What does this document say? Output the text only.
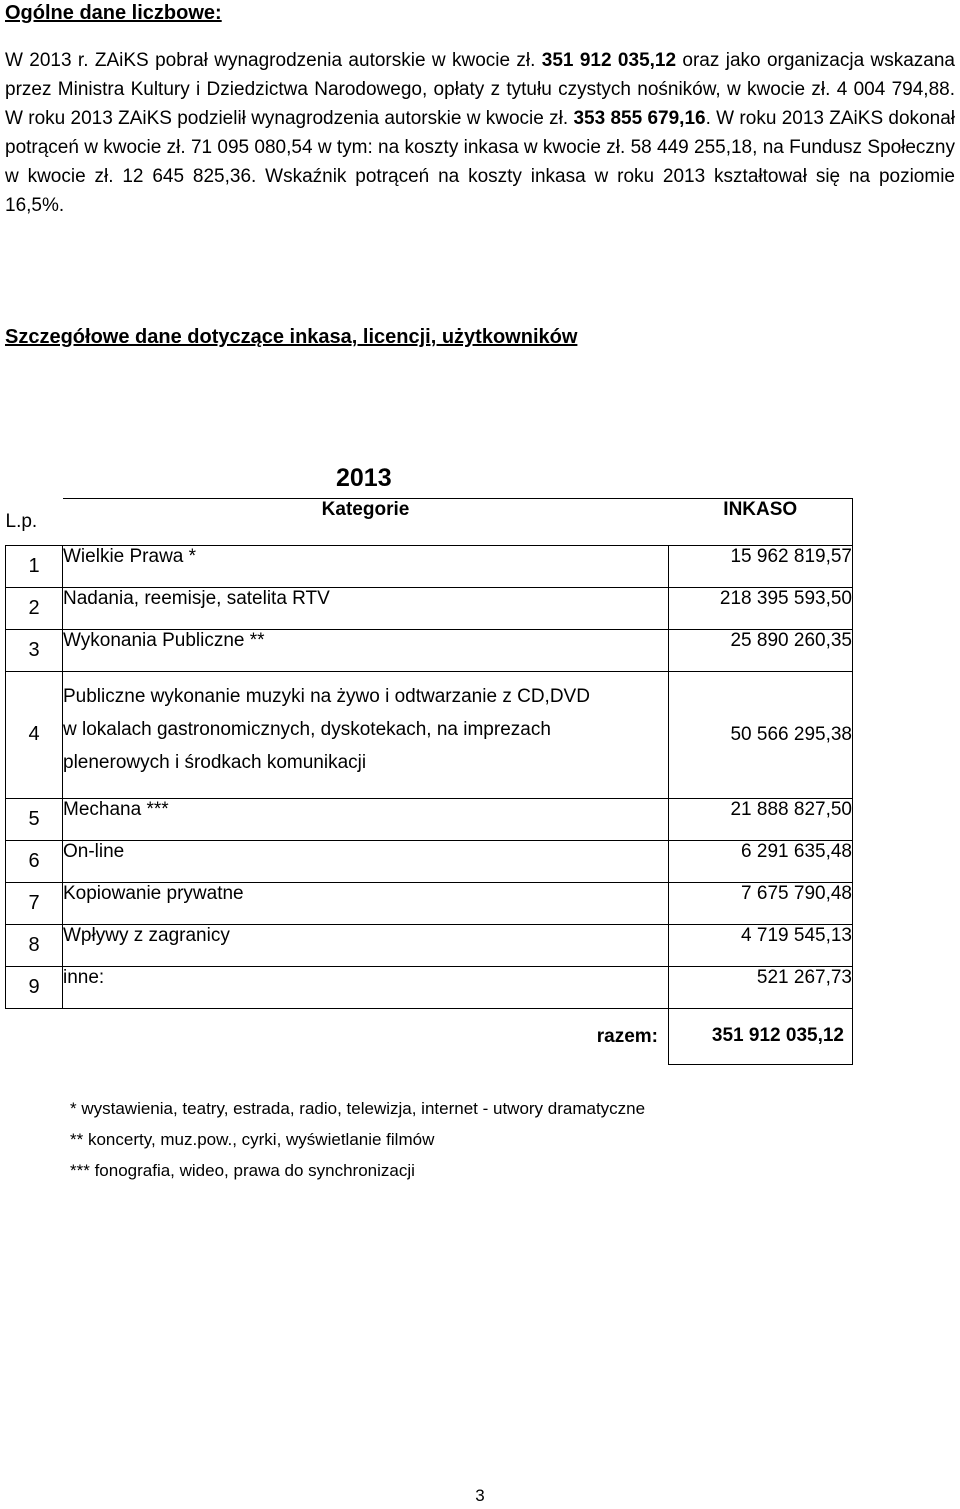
Ogólne dane liczbowe:

W 2013 r. ZAiKS pobrał wynagrodzenia autorskie w kwocie zł. 351 912 035,12 oraz jako organizacja wskazana przez Ministra Kultury i Dziedzictwa Narodowego, opłaty z tytułu czystych nośników, w kwocie zł. 4 004 794,88. W roku 2013 ZAiKS podzielił wynagrodzenia autorskie w kwocie zł. 353 855 679,16. W roku 2013 ZAiKS dokonał potrąceń w kwocie zł. 71 095 080,54 w tym: na koszty inkasa w kwocie zł. 58 449 255,18, na Fundusz Społeczny w kwocie zł. 12 645 825,36. Wskaźnik potrąceń na koszty inkasa w roku 2013 kształtował się na poziomie 16,5%.

Szczegółowe dane dotyczące inkasa, licencji, użytkowników
2013
L.p.	Kategorie	INKASO
1	Wielkie Prawa *	15 962 819,57
2	Nadania, reemisje, satelita RTV	218 395 593,50
3	Wykonania Publiczne **	25 890 260,35
4	Publiczne wykonanie muzyki na żywo i odtwarzanie z CD,DVD
w lokalach gastronomicznych, dyskotekach, na imprezach
plenerowych i środkach komunikacji	50 566 295,38
5	Mechana ***	21 888 827,50
6	On-line	6 291 635,48
7	Kopiowanie prywatne	7 675 790,48
8	Wpływy z zagranicy	4 719 545,13
9	inne:	521 267,73
	razem:	351 912 035,12
* wystawienia, teatry, estrada, radio, telewizja, internet - utwory dramatyczne
** koncerty, muz.pow., cyrki, wyświetlanie filmów
*** fonografia, wideo, prawa do synchronizacji
3
